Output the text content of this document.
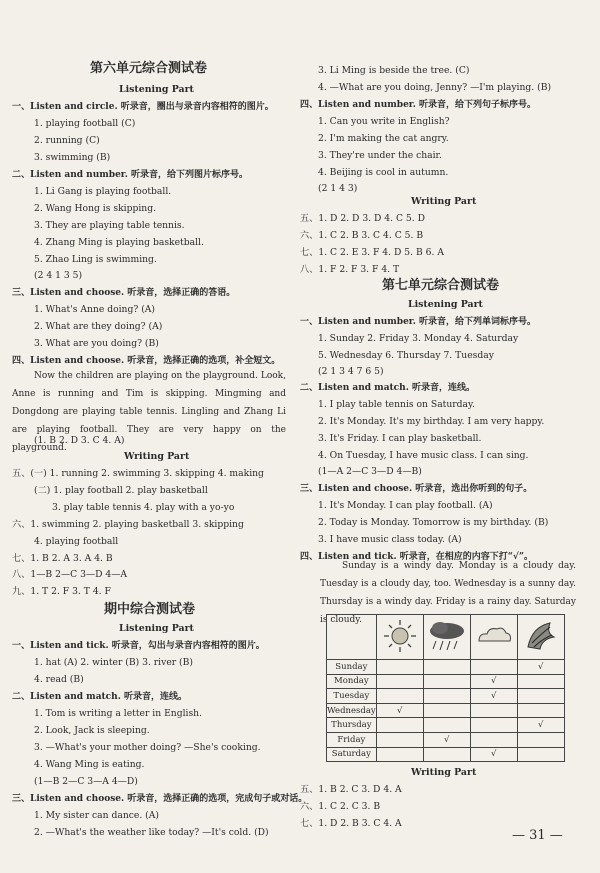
第六单元综合测试卷
Listening Part
一、Listen and circle. 听录音，圈出与录音内容相符的图片。
1. playing football (C)
2. running (C)
3. swimming (B)
二、Listen and number. 听录音，给下列图片标序号。
1. Li Gang is playing football.
2. Wang Hong is skipping.
3. They are playing table tennis.
4. Zhang Ming is playing basketball.
5. Zhao Ling is swimming.
(2 4 1 3 5)
三、Listen and choose. 听录音，选择正确的答语。
1. What's Anne doing? (A)
2. What are they doing? (A)
3. What are you doing? (B)
四、Listen and choose. 听录音，选择正确的选项，补全短文。
(1. B 2. D 3. C 4. A)
Writing Part
五、(一) 1. running 2. swimming 3. skipping 4. making
(二) 1. play football 2. play basketball
3. play table tennis 4. play with a yo-yo
六、1. swimming 2. playing basketball 3. skipping
4. playing football
七、1. B 2. A 3. A 4. B
八、1—B 2—C 3—D 4—A
九、1. T 2. F 3. T 4. F
期中综合测试卷
Listening Part
一、Listen and tick. 听录音，勾出与录音内容相符的图片。
1. hat (A) 2. winter (B) 3. river (B)
4. read (B)
二、Listen and match. 听录音，连线。
1. Tom is writing a letter in English.
2. Look, Jack is sleeping.
3. —What's your mother doing? —She's cooking.
4. Wang Ming is eating.
(1—B 2—C 3—A 4—D)
三、Listen and choose. 听录音，选择正确的选项，完成句子或对话。
1. My sister can dance. (A)
2. —What's the weather like today? —It's cold. (D)
3. Li Ming is beside the tree. (C)
4. —What are you doing, Jenny? —I'm playing. (B)
四、Listen and number. 听录音，给下列句子标序号。
1. Can you write in English?
2. I'm making the cat angry.
3. They're under the chair.
4. Beijing is cool in autumn.
(2 1 4 3)
Writing Part
五、1. D 2. D 3. D 4. C 5. D
六、1. C 2. B 3. C 4. C 5. B
七、1. C 2. E 3. F 4. D 5. B 6. A
八、1. F 2. F 3. F 4. T
第七单元综合测试卷
Listening Part
一、Listen and number. 听录音，给下列单词标序号。
1. Sunday 2. Friday 3. Monday 4. Saturday
5. Wednesday 6. Thursday 7. Tuesday
(2 1 3 4 7 6 5)
二、Listen and match. 听录音，连线。
1. I play table tennis on Saturday.
2. It's Monday. It's my birthday. I am very happy.
3. It's Friday. I can play basketball.
4. On Tuesday, I have music class. I can sing.
(1—A 2—C 3—D 4—B)
三、Listen and choose. 听录音，选出你听到的句子。
1. It's Monday. I can play football. (A)
2. Today is Monday. Tomorrow is my birthday. (B)
3. I have music class today. (A)
四、Listen and tick. 听录音，在相应的内容下打“√”。
Writing Part
五、1. B 2. C 3. D 4. A
六、1. C 2. C 3. B
七、1. D 2. B 3. C 4. A
Now the children are playing on the playground. Look, Anne is running and Tim is skipping. Mingming and Dongdong are playing table tennis. Lingling and Zhang Li are playing football. They are very happy on the playground.
Sunday is a windy day. Monday is a cloudy day. Tuesday is a cloudy day, too. Wednesday is a sunny day. Thursday is a windy day. Friday is a rainy day. Saturday is cloudy.

Sunday				√
Monday			√	
Tuesday			√	
Wednesday	√			
Thursday				√
Friday		√		
Saturday			√	
— 31 —
